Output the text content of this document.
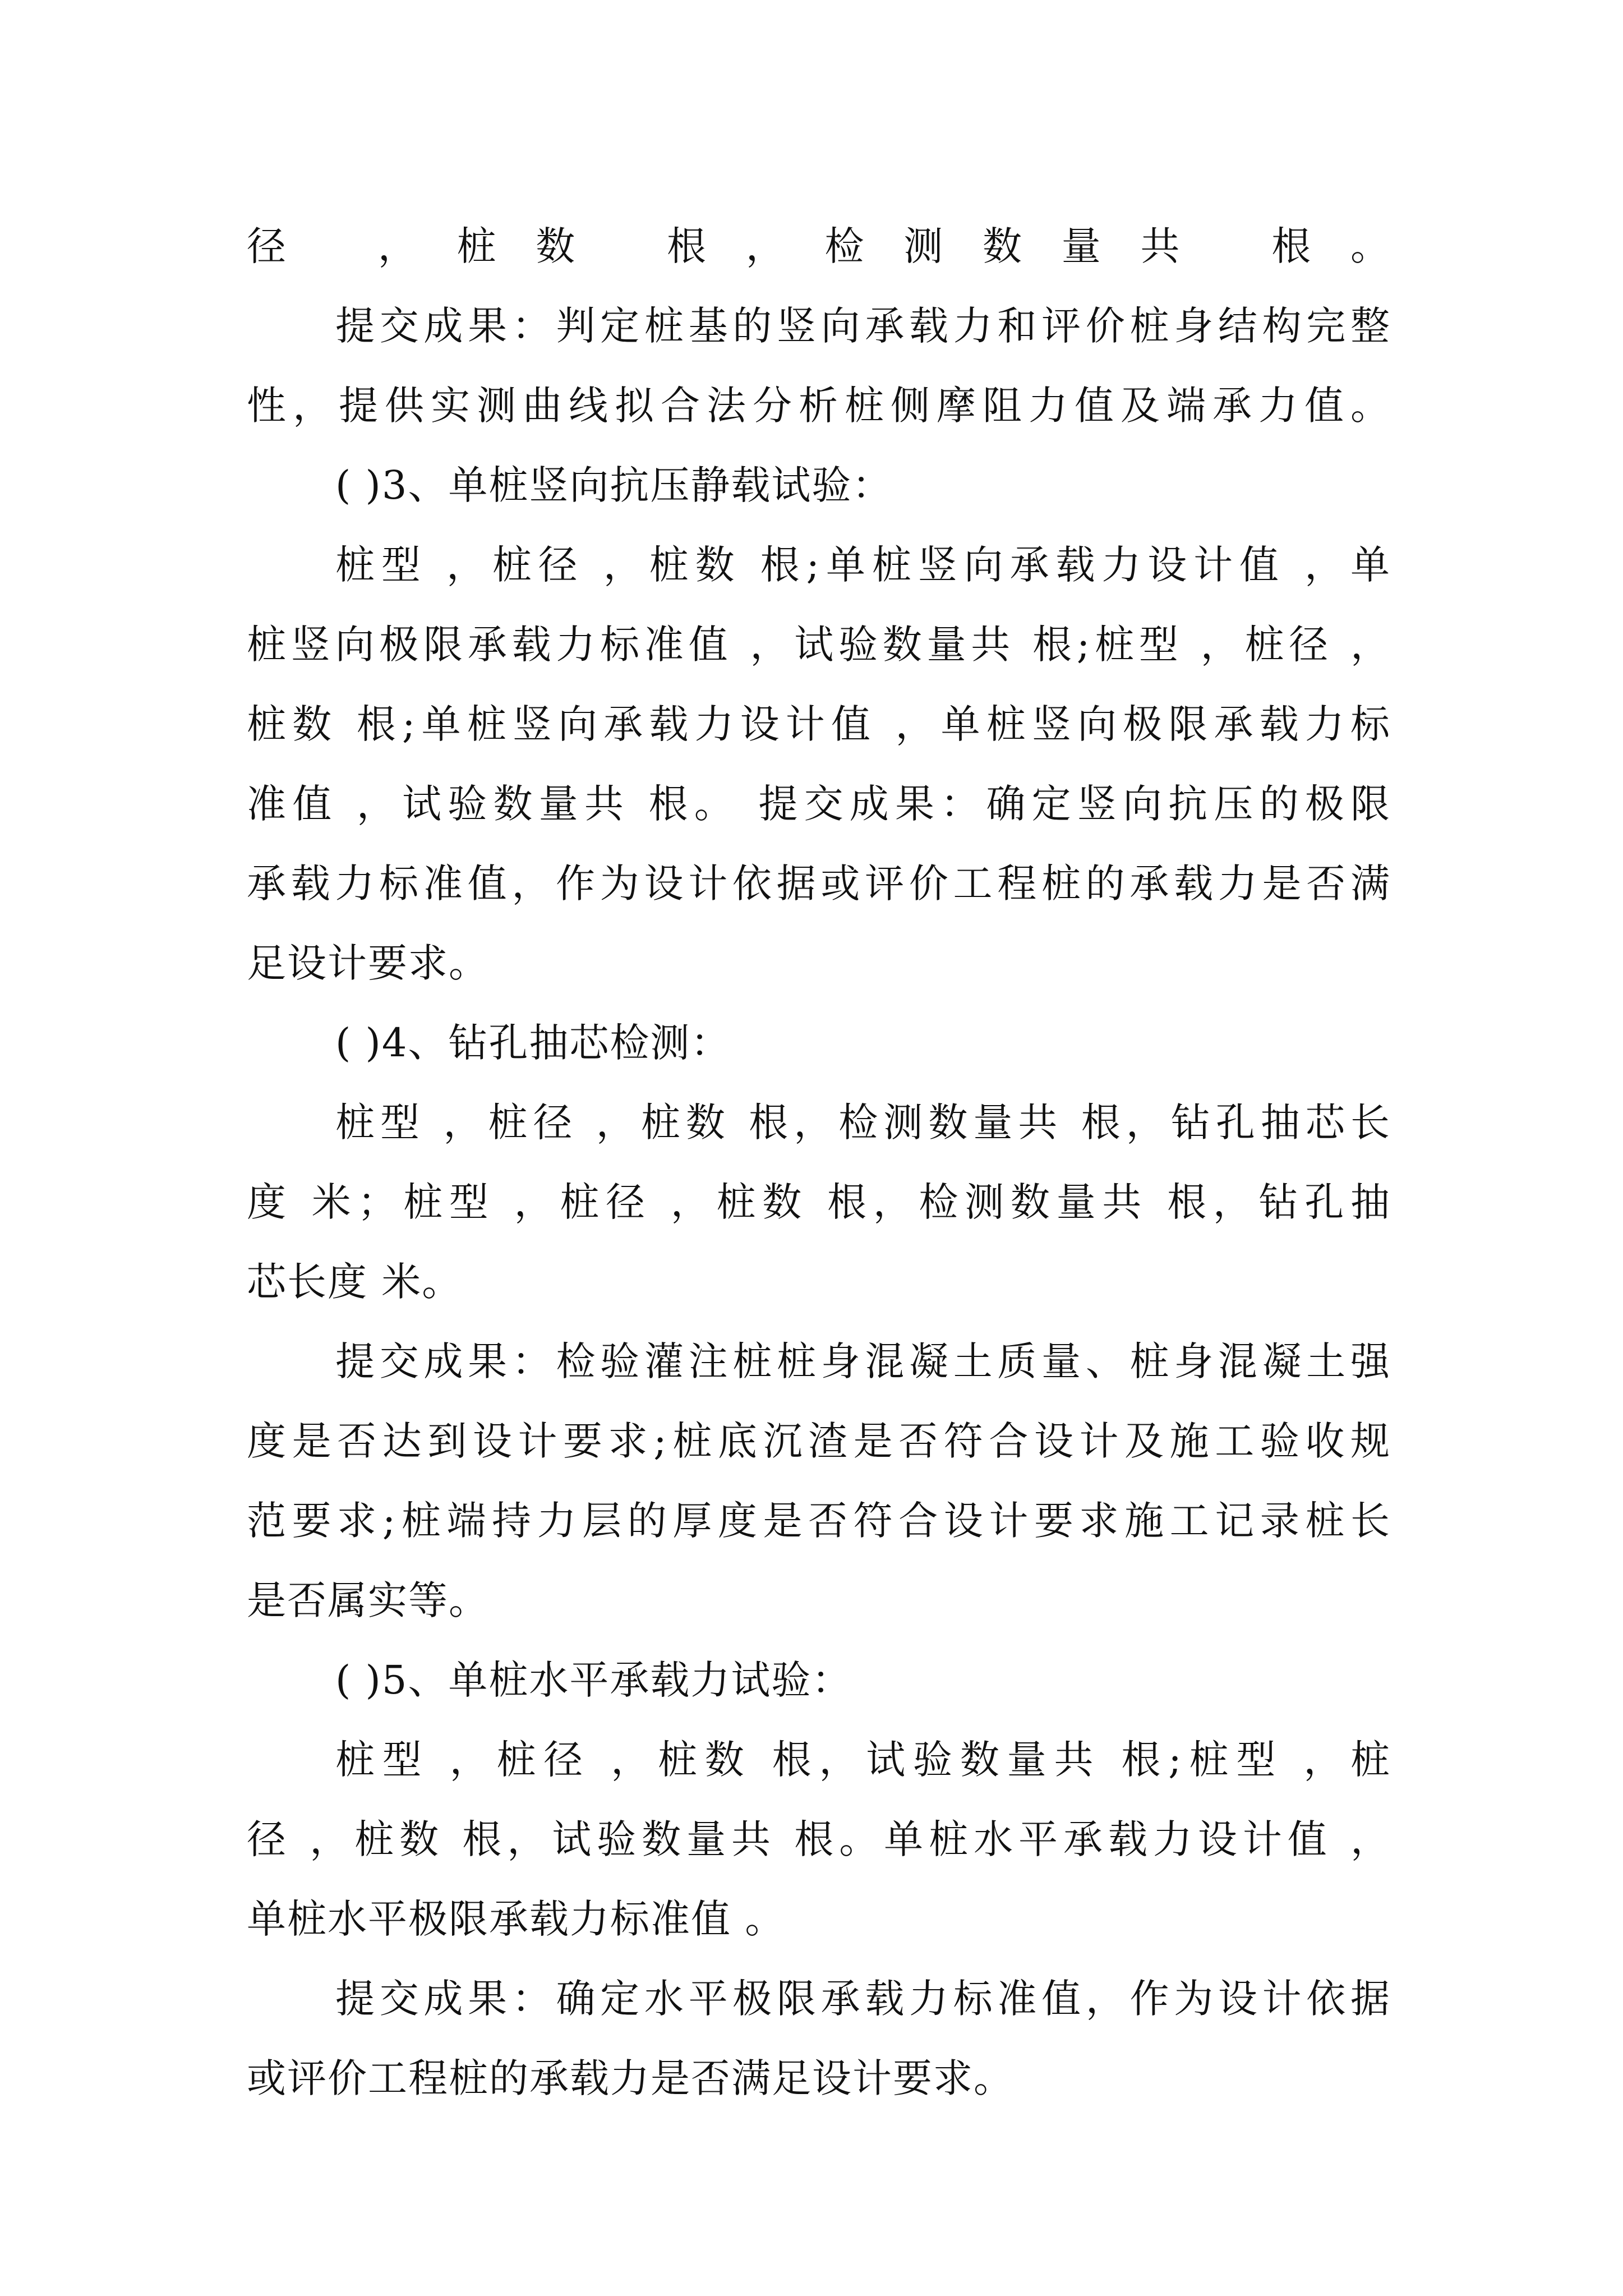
径 ，桩数 根，检测数量共 根。
提交成果：判定桩基的竖向承载力和评价桩身结构完整
性，提供实测曲线拟合法分析桩侧摩阻力值及端承力值。
( )3、单桩竖向抗压静载试验：
桩型 ，桩径 ，桩数 根;单桩竖向承载力设计值 ，单
桩竖向极限承载力标准值 ，试验数量共 根;桩型 ，桩径 ，
桩数 根;单桩竖向承载力设计值 ，单桩竖向极限承载力标
准值 ，试验数量共 根。 提交成果：确定竖向抗压的极限
承载力标准值，作为设计依据或评价工程桩的承载力是否满
足设计要求。
( )4、钻孔抽芯检测：
桩型 ，桩径 ，桩数 根，检测数量共 根，钻孔抽芯长
度 米；桩型 ，桩径 ，桩数 根，检测数量共 根，钻孔抽
芯长度 米。
提交成果：检验灌注桩桩身混凝土质量、桩身混凝土强
度是否达到设计要求;桩底沉渣是否符合设计及施工验收规
范要求;桩端持力层的厚度是否符合设计要求施工记录桩长
是否属实等。
( )5、单桩水平承载力试验：
桩型 ，桩径 ，桩数 根，试验数量共 根;桩型 ，桩
径 ，桩数 根，试验数量共 根。单桩水平承载力设计值 ，
单桩水平极限承载力标准值 。
提交成果：确定水平极限承载力标准值，作为设计依据
或评价工程桩的承载力是否满足设计要求。
